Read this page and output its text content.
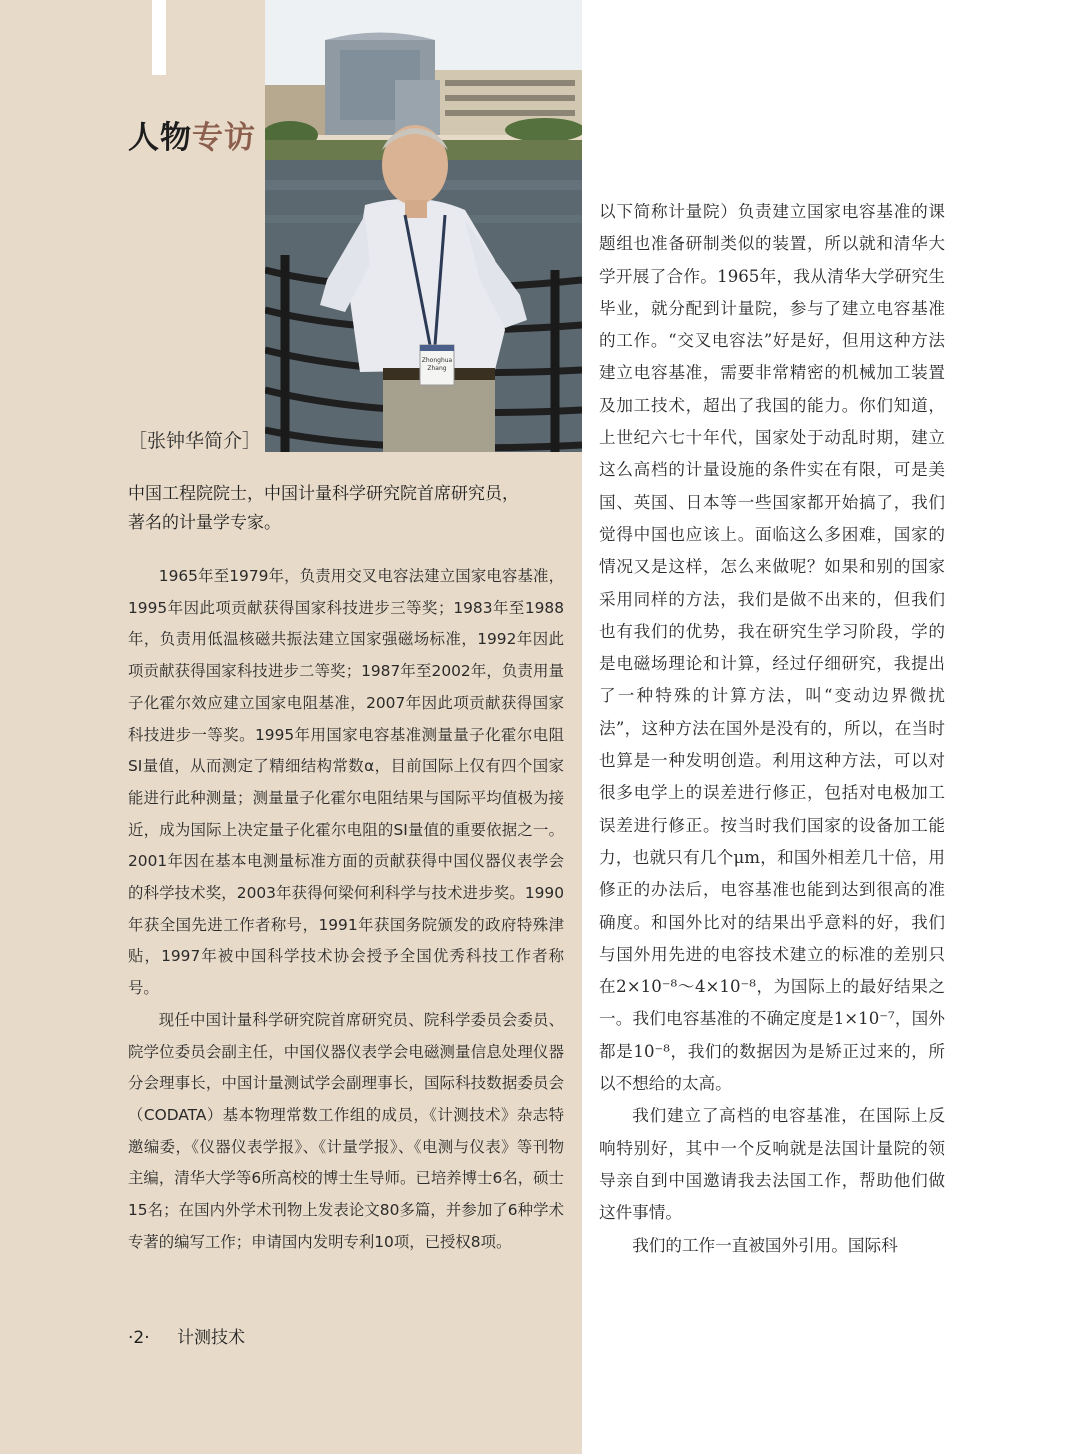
人物专访
Zhonghua
Zhang
［张钟华简介］

中国工程院院士，中国计量科学研究院首席研究员，

著名的计量学专家。

1965年至1979年，负责用交叉电容法建立国家电容基准，1995年因此项贡献获得国家科技进步三等奖；1983年至1988年，负责用低温核磁共振法建立国家强磁场标准，1992年因此项贡献获得国家科技进步二等奖；1987年至2002年，负责用量子化霍尔效应建立国家电阻基准，2007年因此项贡献获得国家科技进步一等奖。1995年用国家电容基准测量量子化霍尔电阻SI量值，从而测定了精细结构常数α，目前国际上仅有四个国家能进行此种测量；测量量子化霍尔电阻结果与国际平均值极为接近，成为国际上决定量子化霍尔电阻的SI量值的重要依据之一。2001年因在基本电测量标准方面的贡献获得中国仪器仪表学会的科学技术奖，2003年获得何梁何利科学与技术进步奖。1990年获全国先进工作者称号，1991年获国务院颁发的政府特殊津贴，1997年被中国科学技术协会授予全国优秀科技工作者称号。

现任中国计量科学研究院首席研究员、院科学委员会委员、院学位委员会副主任，中国仪器仪表学会电磁测量信息处理仪器分会理事长，中国计量测试学会副理事长，国际科技数据委员会（CODATA）基本物理常数工作组的成员，《计测技术》杂志特邀编委，《仪器仪表学报》、《计量学报》、《电测与仪表》等刊物主编，清华大学等6所高校的博士生导师。已培养博士6名，硕士15名；在国内外学术刊物上发表论文80多篇，并参加了6种学术专著的编写工作；申请国内发明专利10项，已授权8项。

·2· 计测技术

以下简称计量院）负责建立国家电容基准的课题组也准备研制类似的装置，所以就和清华大学开展了合作。1965年，我从清华大学研究生毕业，就分配到计量院，参与了建立电容基准的工作。“交叉电容法”好是好，但用这种方法建立电容基准，需要非常精密的机械加工装置及加工技术，超出了我国的能力。你们知道，上世纪六七十年代，国家处于动乱时期，建立这么高档的计量设施的条件实在有限，可是美国、英国、日本等一些国家都开始搞了，我们觉得中国也应该上。面临这么多困难，国家的情况又是这样，怎么来做呢？如果和别的国家采用同样的方法，我们是做不出来的，但我们也有我们的优势，我在研究生学习阶段，学的是电磁场理论和计算，经过仔细研究，我提出了一种特殊的计算方法，叫“变动边界微扰法”，这种方法在国外是没有的，所以，在当时也算是一种发明创造。利用这种方法，可以对很多电学上的误差进行修正，包括对电极加工误差进行修正。按当时我们国家的设备加工能力，也就只有几个μm，和国外相差几十倍，用修正的办法后，电容基准也能到达到很高的准确度。和国外比对的结果出乎意料的好，我们与国外用先进的电容技术建立的标准的差别只在2×10⁻⁸～4×10⁻⁸，为国际上的最好结果之一。我们电容基准的不确定度是1×10⁻⁷，国外都是10⁻⁸，我们的数据因为是矫正过来的，所以不想给的太高。

我们建立了高档的电容基准，在国际上反响特别好，其中一个反响就是法国计量院的领导亲自到中国邀请我去法国工作，帮助他们做这件事情。

我们的工作一直被国外引用。国际科
